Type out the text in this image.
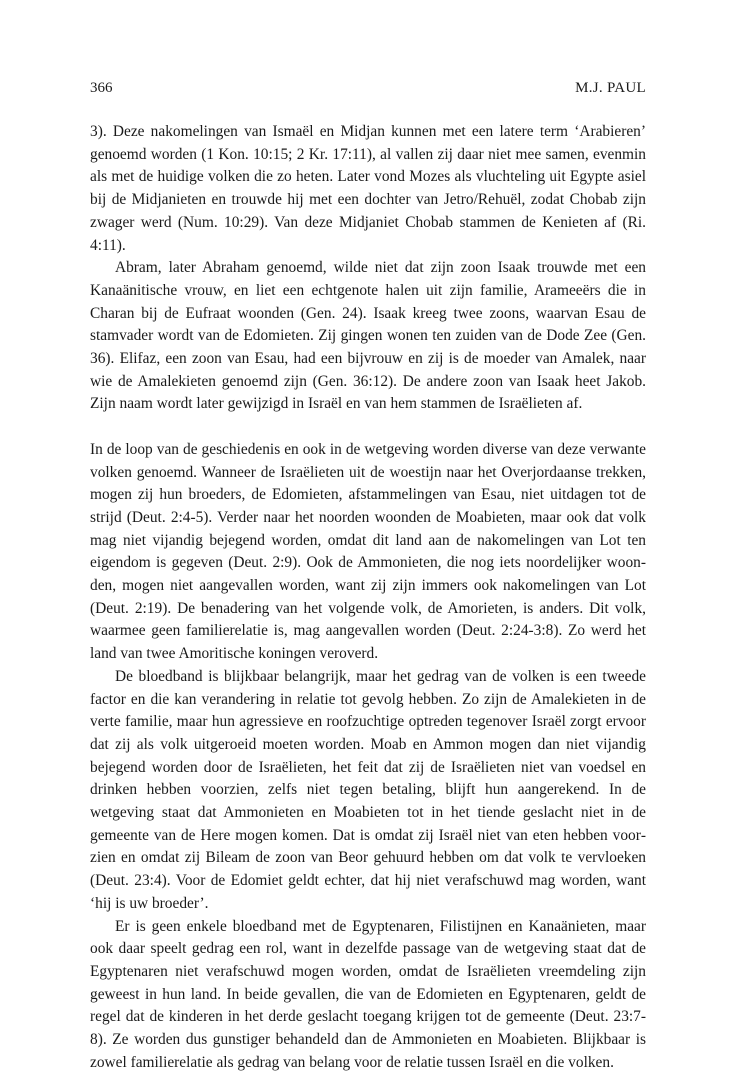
366	M.J. PAUL

3). Deze nakomelingen van Ismaël en Midjan kunnen met een latere term ‘Arabieren’ genoemd worden (1 Kon. 10:15; 2 Kr. 17:11), al vallen zij daar niet mee samen, evenmin als met de huidige volken die zo heten. Later vond Mozes als vluchteling uit Egypte asiel bij de Midjanieten en trouwde hij met een dochter van Jetro/Rehuël, zodat Chobab zijn zwager werd (Num. 10:29). Van deze Midjaniet Chobab stammen de Kenieten af (Ri. 4:11).

Abram, later Abraham genoemd, wilde niet dat zijn zoon Isaak trouwde met een Kanaänitische vrouw, en liet een echtgenote halen uit zijn familie, Arameeërs die in Charan bij de Eufraat woonden (Gen. 24). Isaak kreeg twee zoons, waarvan Esau de stamvader wordt van de Edomieten. Zij gingen wonen ten zuiden van de Dode Zee (Gen. 36). Elifaz, een zoon van Esau, had een bijvrouw en zij is de moeder van Amalek, naar wie de Amalekieten genoemd zijn (Gen. 36:12). De andere zoon van Isaak heet Jakob. Zijn naam wordt later gewijzigd in Israël en van hem stammen de Israëlieten af.

In de loop van de geschiedenis en ook in de wetgeving worden diverse van deze verwante volken genoemd. Wanneer de Israëlieten uit de woestijn naar het Overjordaanse trekken, mogen zij hun broeders, de Edomieten, afstammelingen van Esau, niet uitdagen tot de strijd (Deut. 2:4-5). Verder naar het noorden woonden de Moabieten, maar ook dat volk mag niet vijandig bejegend worden, omdat dit land aan de nakomelingen van Lot ten eigendom is gegeven (Deut. 2:9). Ook de Ammonieten, die nog iets noordelijker woonden, mogen niet aangevallen worden, want zij zijn immers ook nakomelingen van Lot (Deut. 2:19). De benadering van het volgende volk, de Amorieten, is anders. Dit volk, waarmee geen familierelatie is, mag aangevallen worden (Deut. 2:24-3:8). Zo werd het land van twee Amoritische koningen veroverd.

De bloedband is blijkbaar belangrijk, maar het gedrag van de volken is een tweede factor en die kan verandering in relatie tot gevolg hebben. Zo zijn de Amalekieten in de verte familie, maar hun agressieve en roofzuchtige optreden tegenover Israël zorgt ervoor dat zij als volk uitgeroeid moeten worden. Moab en Ammon mogen dan niet vijandig bejegend worden door de Israëlieten, het feit dat zij de Israëlieten niet van voedsel en drinken hebben voorzien, zelfs niet tegen betaling, blijft hun aangerekend. In de wetgeving staat dat Ammonieten en Moabieten tot in het tiende geslacht niet in de gemeente van de Here mogen komen. Dat is omdat zij Israël niet van eten hebben voorzien en omdat zij Bileam de zoon van Beor gehuurd hebben om dat volk te vervloeken (Deut. 23:4). Voor de Edomiet geldt echter, dat hij niet verafschuwd mag worden, want ‘hij is uw broeder’.

Er is geen enkele bloedband met de Egyptenaren, Filistijnen en Kanaänieten, maar ook daar speelt gedrag een rol, want in dezelfde passage van de wetgeving staat dat de Egyptenaren niet verafschuwd mogen worden, omdat de Israëlieten vreemdeling zijn geweest in hun land. In beide gevallen, die van de Edomieten en Egyptenaren, geldt de regel dat de kinderen in het derde geslacht toegang krijgen tot de gemeente (Deut. 23:7-8). Ze worden dus gunstiger behandeld dan de Ammonieten en Moabieten. Blijkbaar is zowel familierelatie als gedrag van belang voor de relatie tussen Israël en die volken.
